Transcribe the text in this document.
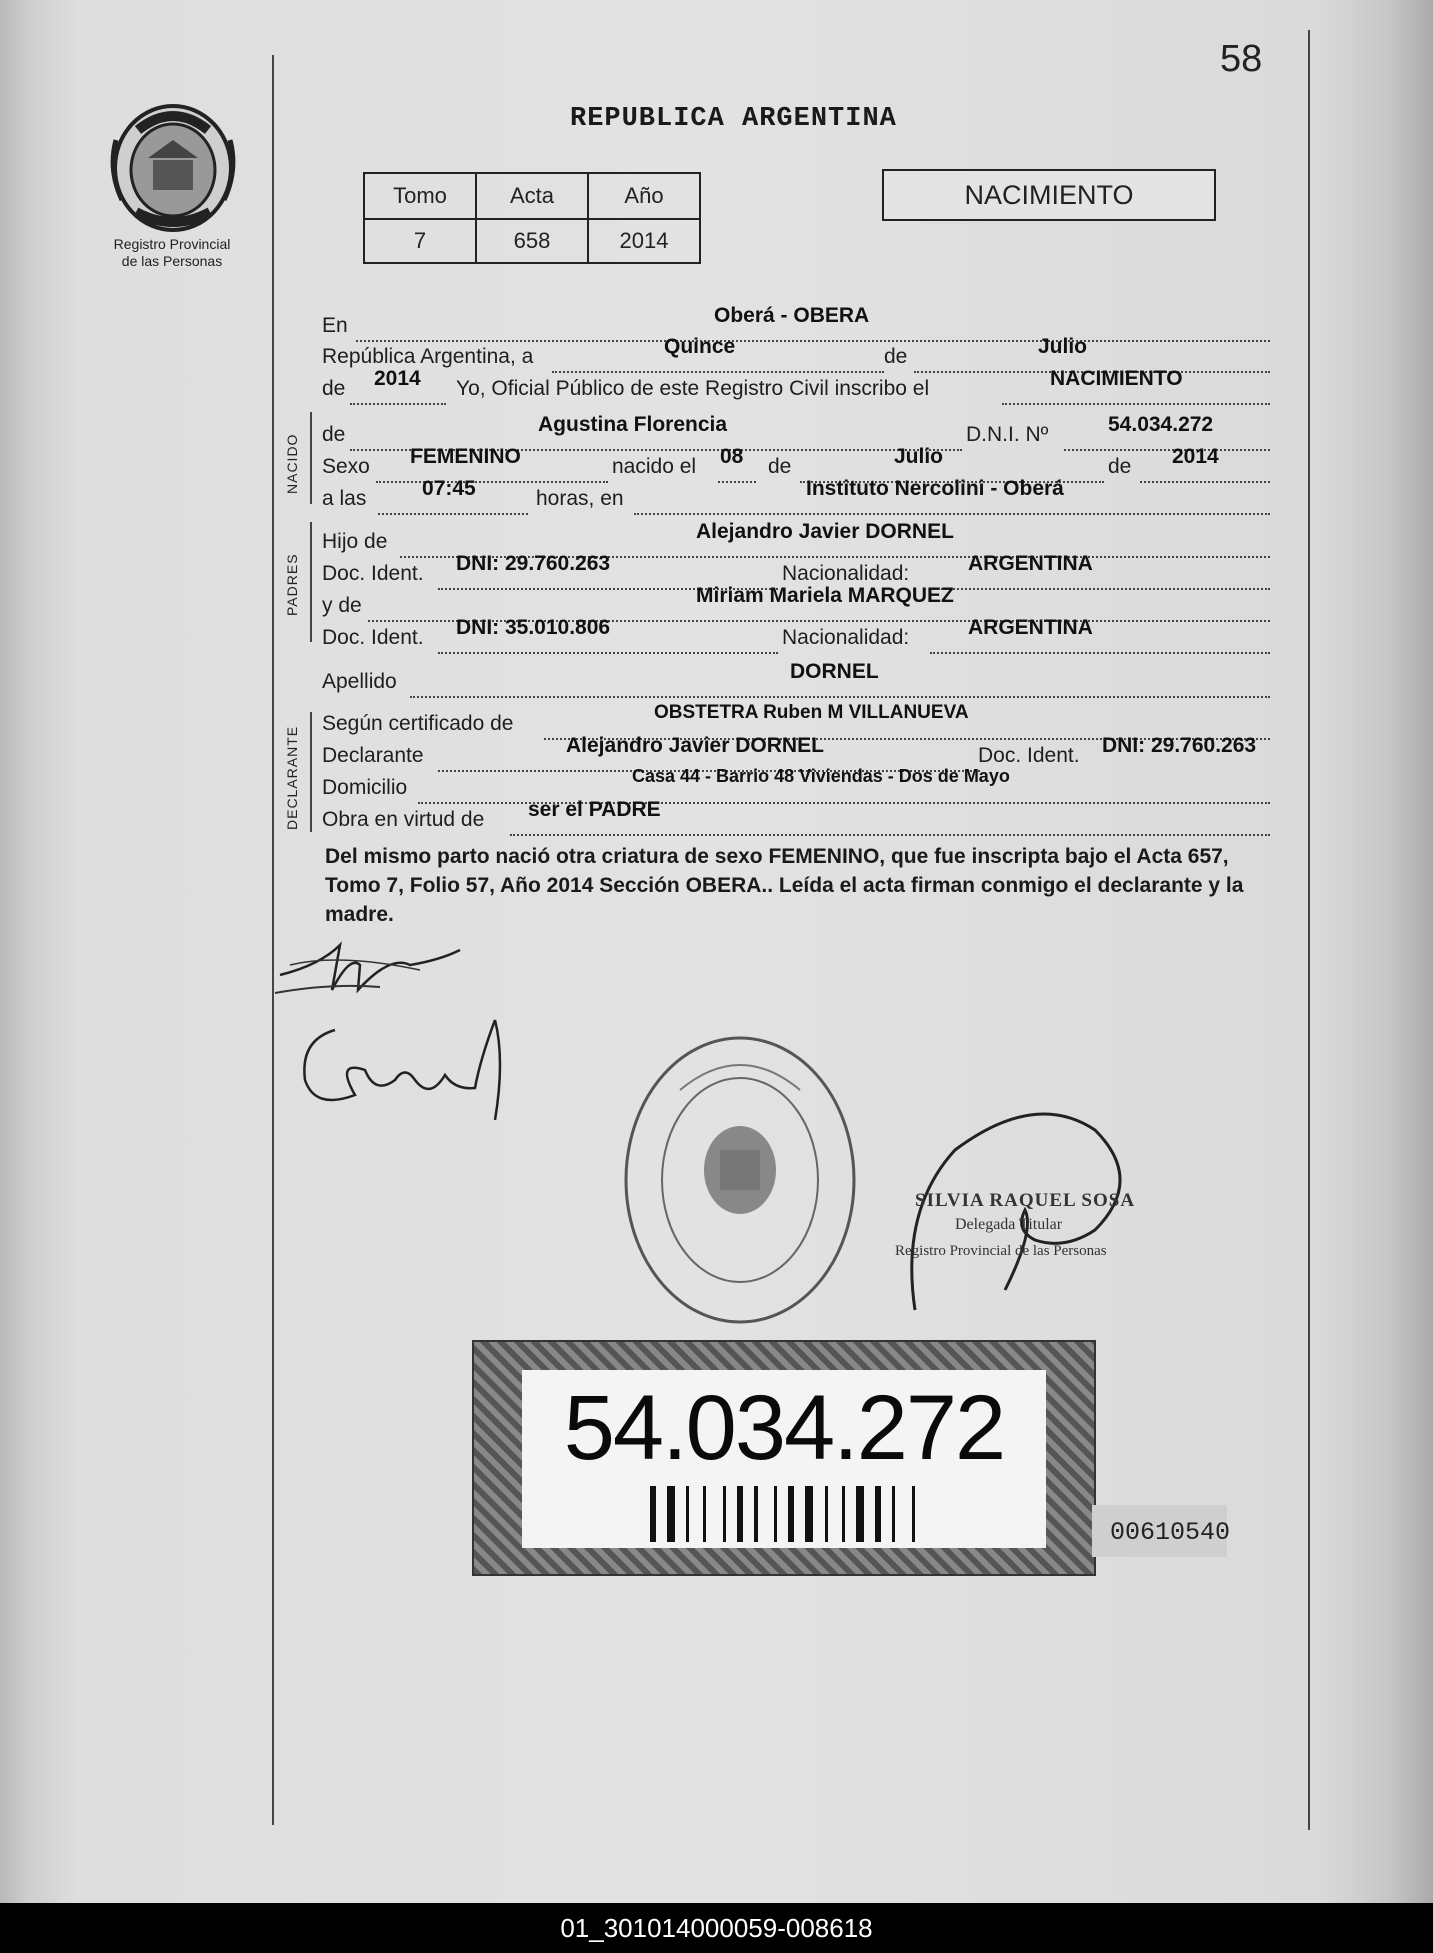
58
Registro Provincial
de las Personas
REPUBLICA ARGENTINA
Tomo	Acta	Año
7	658	2014
NACIMIENTO
En	Oberá - OBERA
República Argentina, a	Quince	de	Julio
de 2014 Yo, Oficial Público de este Registro Civil inscribo el	NACIMIENTO
NACIDO de	Agustina Florencia	D.N.I. Nº	54.034.272
Sexo FEMENINO	nacido el 08 de	Julio	de 2014
a las	07:45	horas, en	Instituto Nercolini - Oberá
PADRES
Hijo de	Alejandro Javier DORNEL
Doc. Ident. DNI: 29.760.263	Nacionalidad:	ARGENTINA
y de	Miriam Mariela MARQUEZ
Doc. Ident. DNI: 35.010.806	Nacionalidad:	ARGENTINA
Apellido	DORNEL
DECLARANTE
Según certificado de	OBSTETRA Ruben M VILLANUEVA
Declarante	Alejandro Javier DORNEL	Doc. Ident. DNI: 29.760.263
Domicilio	Casa 44 - Barrio 48 Viviendas - Dos de Mayo
Obra en virtud de ser el PADRE
Del mismo parto nació otra criatura de sexo FEMENINO, que fue inscripta bajo el Acta 657, Tomo 7, Folio 57, Año 2014 Sección OBERA.. Leída el acta firman conmigo el declarante y la madre.
SILVIA RAQUEL SOSA
Delegada Titular
Registro Provincial de las Personas
54.034.272
00610540
01_301014000059-008618
